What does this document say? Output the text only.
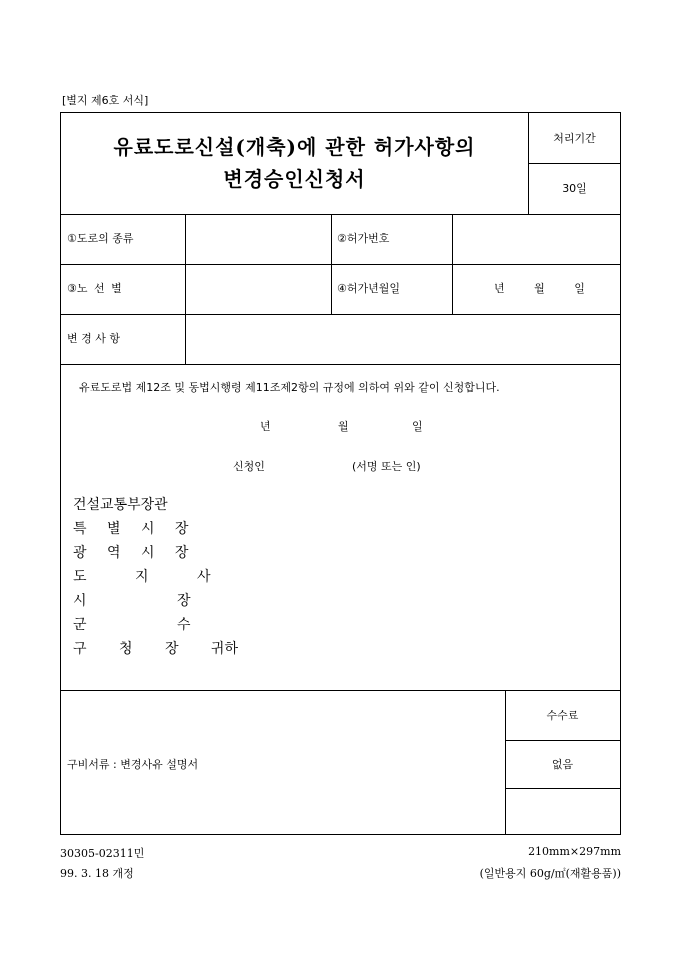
[별지 제6호 서식]
유료도로신설(개축)에 관한 허가사항의
변경승인신청서
처리기간
30일
①도로의 종류	②허가번호
③노 선 별	④허가년월일	년 월 일
변 경 사 항
유료도로법 제12조 및 동법시행령 제11조제2항의 규정에 의하여 위와 같이 신청합니다.
년	월	일
신청인	(서명 또는 인)
건설교통부장관
특 별 시 장
광 역 시 장
도 지 사
시 장
군 수
구 청 장 귀하
수수료
없음
구비서류 : 변경사유 설명서
30305-02311민
99. 3. 18 개정
210mm×297mm
(일반용지 60g/㎡(재활용품))
